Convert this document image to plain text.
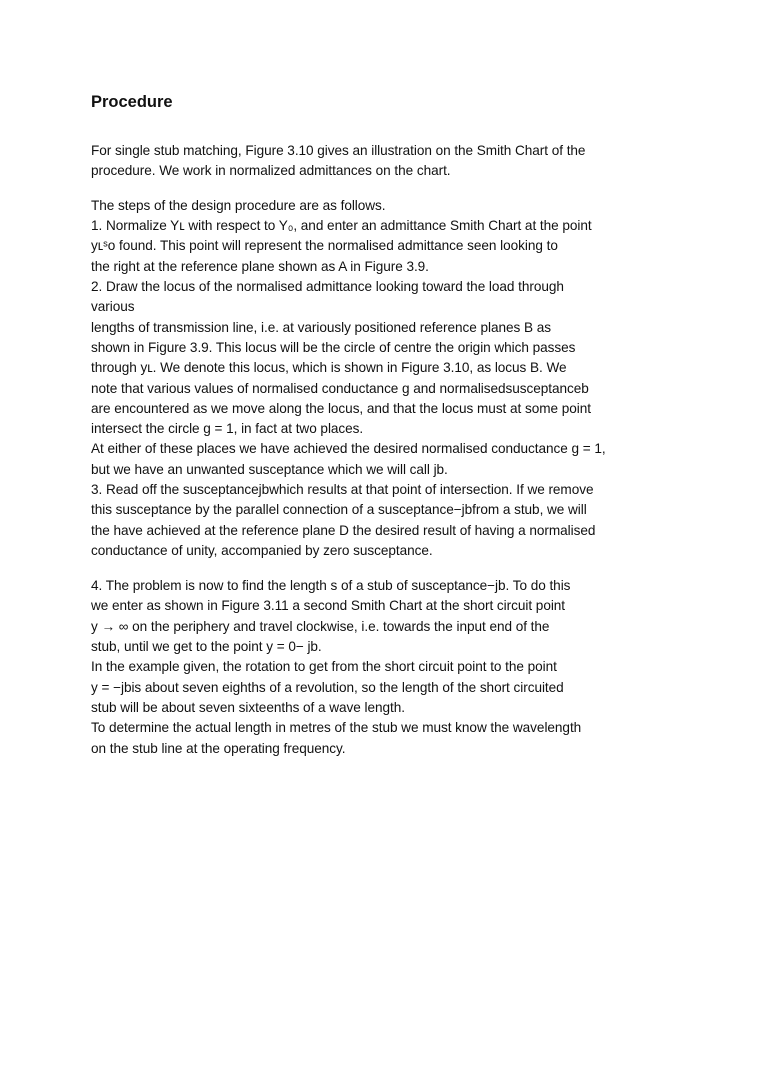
Procedure
For single stub matching, Figure 3.10 gives an illustration on the Smith Chart of the
procedure. We work in normalized admittances on the chart.
The steps of the design procedure are as follows.
1. Normalize Yʟ with respect to Y₀, and enter an admittance Smith Chart at the point
yʟˢo found. This point will represent the normalised admittance seen looking to
the right at the reference plane shown as A in Figure 3.9.
2. Draw the locus of the normalised admittance looking toward the load through
various
lengths of transmission line, i.e. at variously positioned reference planes B as
shown in Figure 3.9. This locus will be the circle of centre the origin which passes
through yʟ. We denote this locus, which is shown in Figure 3.10, as locus B. We
note that various values of normalised conductance g and normalisedsusceptanceb
are encountered as we move along the locus, and that the locus must at some point
intersect the circle g = 1, in fact at two places.
At either of these places we have achieved the desired normalised conductance g = 1,
but we have an unwanted susceptance which we will call jb.
3. Read off the susceptancejbwhich results at that point of intersection. If we remove
this susceptance by the parallel connection of a susceptance−jbfrom a stub, we will
the have achieved at the reference plane D the desired result of having a normalised
conductance of unity, accompanied by zero susceptance.
4. The problem is now to find the length s of a stub of susceptance−jb. To do this
we enter as shown in Figure 3.11 a second Smith Chart at the short circuit point
y → ∞ on the periphery and travel clockwise, i.e. towards the input end of the
stub, until we get to the point y = 0− jb.
In the example given, the rotation to get from the short circuit point to the point
y = −jbis about seven eighths of a revolution, so the length of the short circuited
stub will be about seven sixteenths of a wave length.
To determine the actual length in metres of the stub we must know the wavelength
on the stub line at the operating frequency.
